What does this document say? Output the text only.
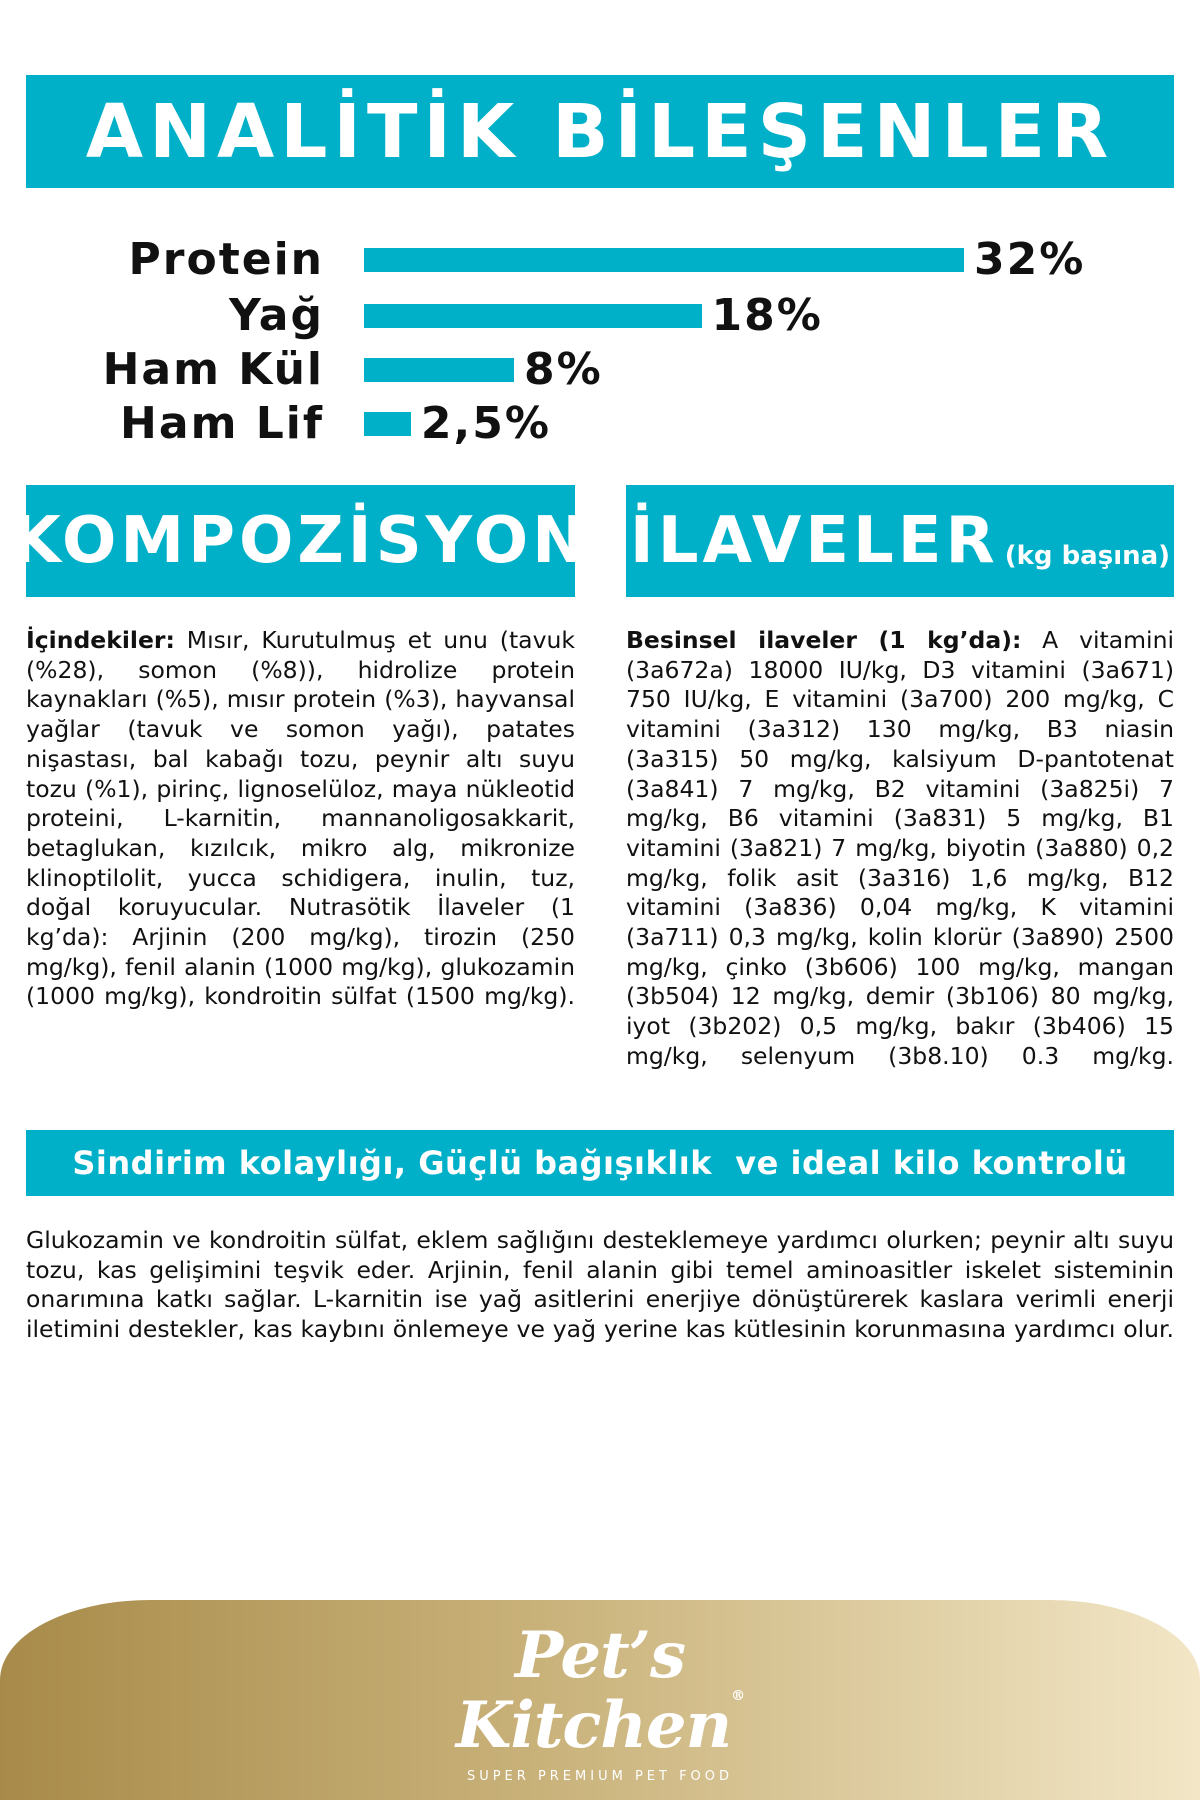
ANALİTİK BİLEŞENLER
Protein	32%
Yağ	18%
Ham Kül	8%
Ham Lif 2,5%
KOMPOZİSYON İLAVELER (kg başına)
İçindekiler: Mısır, Kurutulmuş et unu (tavuk (%28), somon (%8)), hidrolize protein kaynakları (%5), mısır protein (%3), hayvansal yağlar (tavuk ve somon yağı), patates nişastası, bal kabağı tozu, peynir altı suyu tozu (%1), pirinç, lignoselüloz, maya nükleotid proteini, L-karnitin, mannanoligosakkarit, betaglukan, kızılcık, mikro alg, mikronize klinoptilolit, yucca schidigera, inulin, tuz, doğal koruyucular. Nutrasötik İlaveler (1 kg’da): Arjinin (200 mg/kg), tirozin (250 mg/kg), fenil alanin (1000 mg/kg), glukozamin (1000 mg/kg), kondroitin sülfat (1500 mg/kg).
Besinsel ilaveler (1 kg’da): A vitamini (3a672a) 18000 IU/kg, D3 vitamini (3a671) 750 IU/kg, E vitamini (3a700) 200 mg/kg, C vitamini (3a312) 130 mg/kg, B3 niasin (3a315) 50 mg/kg, kalsiyum D-pantotenat (3a841) 7 mg/kg, B2 vitamini (3a825i) 7 mg/kg, B6 vitamini (3a831) 5 mg/kg, B1 vitamini (3a821) 7 mg/kg, biyotin (3a880) 0,2 mg/kg, folik asit (3a316) 1,6 mg/kg, B12 vitamini (3a836) 0,04 mg/kg, K vitamini (3a711) 0,3 mg/kg, kolin klorür (3a890) 2500 mg/kg, çinko (3b606) 100 mg/kg, mangan (3b504) 12 mg/kg, demir (3b106) 80 mg/kg, iyot (3b202) 0,5 mg/kg, bakır (3b406) 15 mg/kg, selenyum (3b8.10) 0.3 mg/kg.
Sindirim kolaylığı, Güçlü bağışıklık  ve ideal kilo kontrolü
Glukozamin ve kondroitin sülfat, eklem sağlığını desteklemeye yardımcı olurken; peynir altı suyu tozu, kas gelişimini teşvik eder. Arjinin, fenil alanin gibi temel aminoasitler iskelet sisteminin onarımına katkı sağlar. L-karnitin ise yağ asitlerini enerjiye dönüştürerek kaslara verimli enerji iletimini destekler, kas kaybını önlemeye ve yağ yerine kas kütlesinin korunmasına yardımcı olur.
Pet’s
Kitchen®
SUPER PREMIUM PET FOOD
